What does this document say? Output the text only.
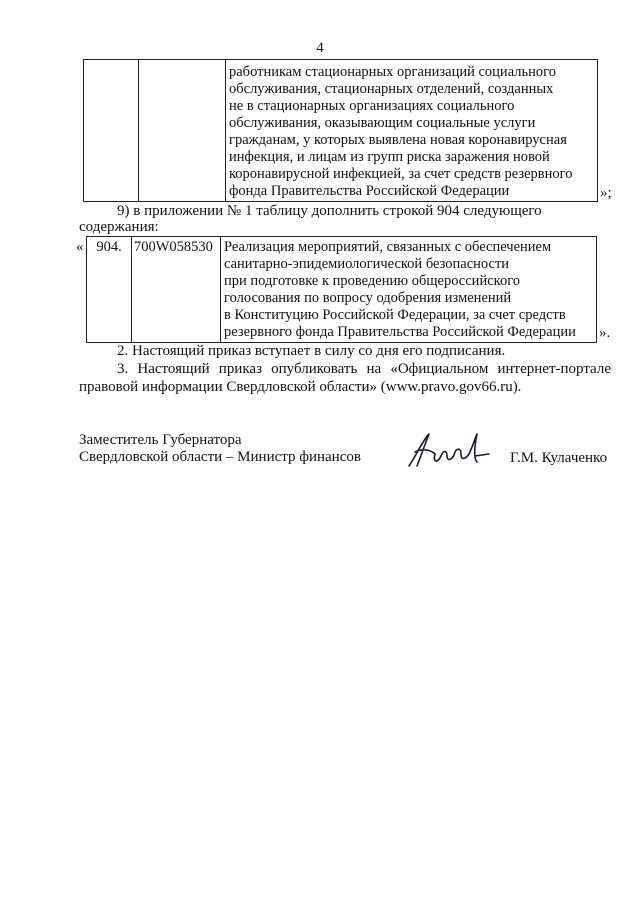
4

работникам стационарных организаций социального
обслуживания, стационарных отделений, созданных
не в стационарных организациях социального
обслуживания, оказывающим социальные услуги
гражданам, у которых выявлена новая коронавирусная
инфекция, и лицам из групп риска заражения новой
коронавирусной инфекцией, за счет средств резервного
фонда Правительства Российской Федерации	»;
9) в приложении № 1 таблицу дополнить строкой 904 следующего
содержания:
« 904.	700W058530	Реализация мероприятий, связанных с обеспечением
санитарно-эпидемиологической безопасности
при подготовке к проведению общероссийского
голосования по вопросу одобрения изменений
в Конституцию Российской Федерации, за счет средств
резервного фонда Правительства Российской Федерации	».
2. Настоящий приказ вступает в силу со дня его подписания.
3. Настоящий приказ опубликовать на «Официальном интернет-портале
правовой информации Свердловской области» (www.pravo.gov66.ru).
Заместитель Губернатора
Свердловской области – Министр финансов	Г.М. Кулаченко
